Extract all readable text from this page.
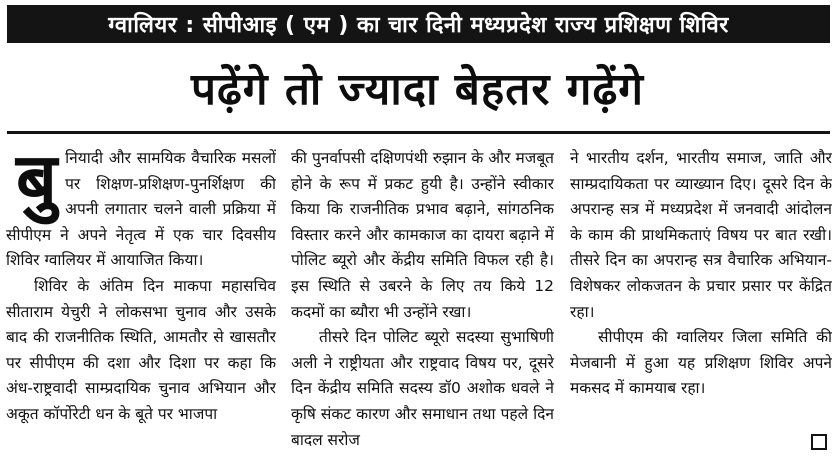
ग्वालियर : सीपीआइ ( एम ) का चार दिनी मध्यप्रदेश राज्य प्रशिक्षण शिविर
पढ़ेंगे तो ज्यादा बेहतर गढ़ेंगे

बुनियादी और सामयिक वैचारिक मसलों पर शिक्षण-प्रशिक्षण-पुनर्शिक्षण की अपनी लगातार चलने वाली प्रक्रिया में सीपीएम ने अपने नेतृत्व में एक चार दिवसीय शिविर ग्वालियर में आयाजित किया।

शिविर के अंतिम दिन माकपा महासचिव सीताराम येचुरी ने लोकसभा चुनाव और उसके बाद की राजनीतिक स्थिति, आमतौर से खासतौर पर सीपीएम की दशा और दिशा पर कहा कि अंध-राष्ट्रवादी साम्प्रदायिक चुनाव अभियान और अकूत कॉर्पोरेटी धन के बूते पर भाजपा

की पुनर्वापसी दक्षिणपंथी रुझान के और मजबूत होने के रूप में प्रकट हुयी है। उन्होंने स्वीकार किया कि राजनीतिक प्रभाव बढ़ाने, सांगठनिक विस्तार करने और कामकाज का दायरा बढ़ाने में पोलिट ब्यूरो और केंद्रीय समिति विफल रही है। इस स्थिति से उबरने के लिए तय किये 12 कदमों का ब्यौरा भी उन्होंने रखा।

तीसरे दिन पोलिट ब्यूरो सदस्या सुभाषिणी अली ने राष्ट्रीयता और राष्ट्रवाद विषय पर, दूसरे दिन केंद्रीय समिति सदस्य डॉ0 अशोक धवले ने कृषि संकट कारण और समाधान तथा पहले दिन बादल सरोज

ने भारतीय दर्शन, भारतीय समाज, जाति और साम्प्रदायिकता पर व्याख्यान दिए। दूसरे दिन के अपरान्ह सत्र में मध्यप्रदेश में जनवादी आंदोलन के काम की प्राथमिकताएं विषय पर बात रखी। तीसरे दिन का अपरान्ह सत्र वैचारिक अभियान-विशेषकर लोकजतन के प्रचार प्रसार पर केंद्रित रहा।

सीपीएम की ग्वालियर जिला समिति की मेजबानी में हुआ यह प्रशिक्षण शिविर अपने मकसद में कामयाब रहा।
